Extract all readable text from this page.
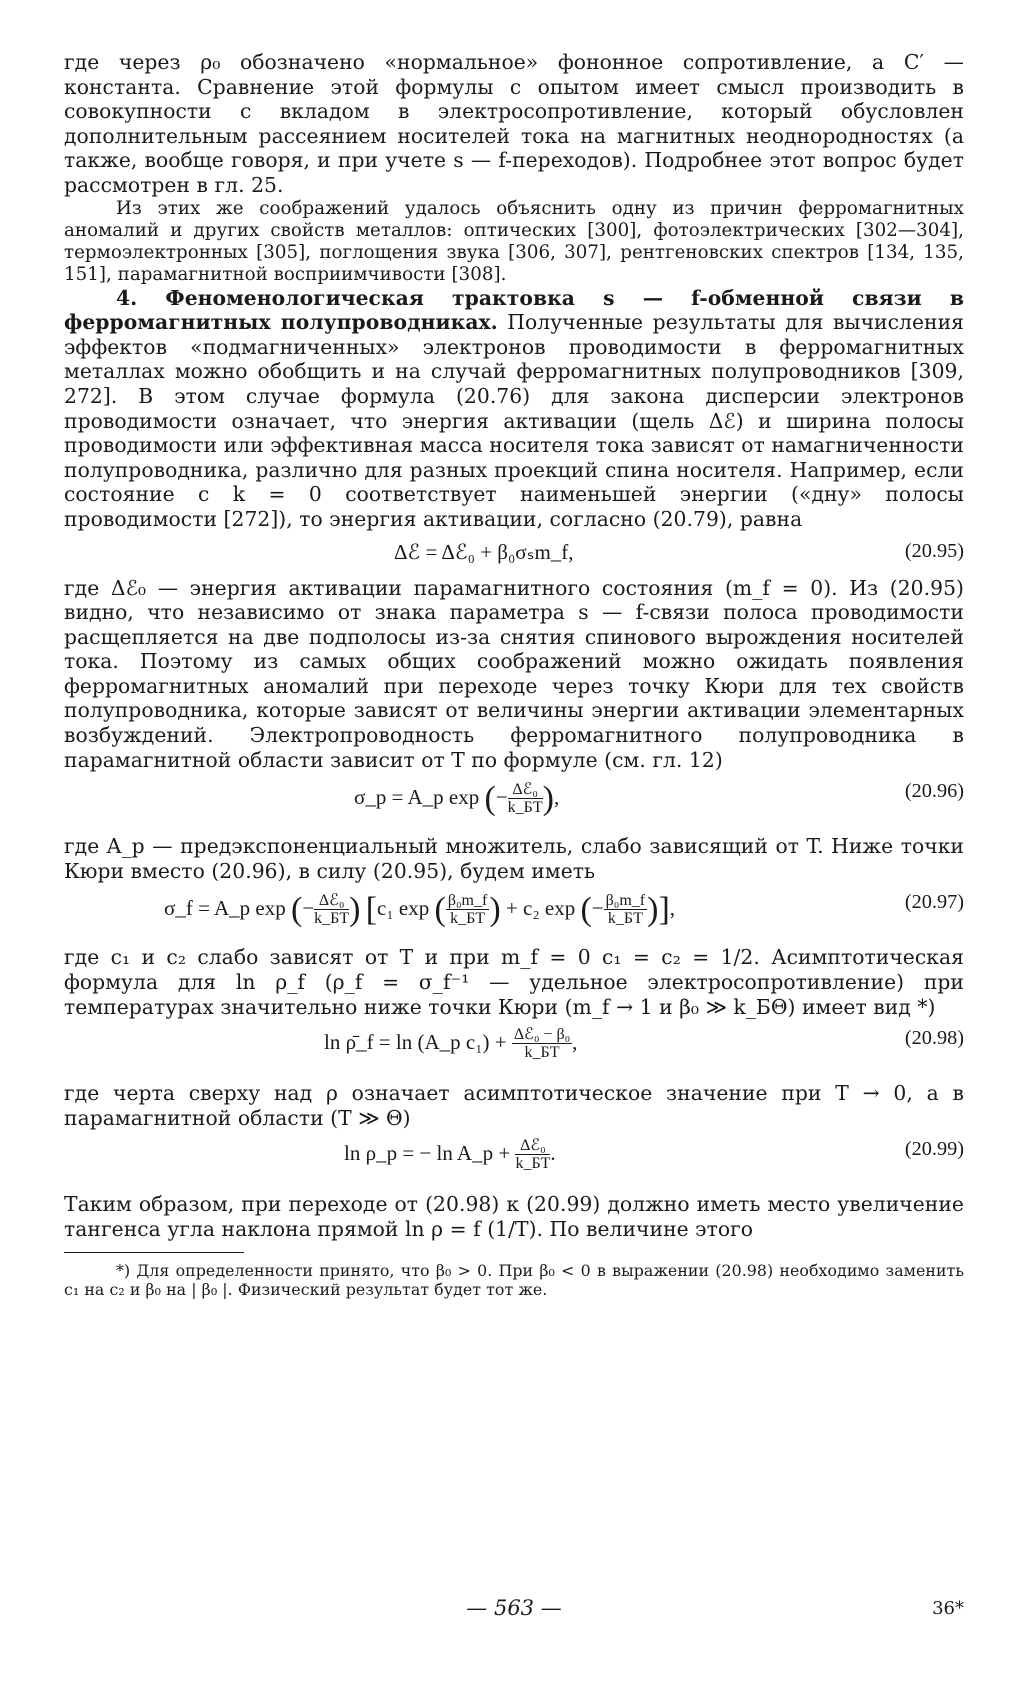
где через ρ₀ обозначено «нормальное» фононное сопротивление, а C′ — константа. Сравнение этой формулы с опытом имеет смысл производить в совокупности с вкладом в электросопротивление, который обусловлен дополнительным рассеянием носителей тока на магнитных неоднородностях (а также, вообще говоря, и при учете s — f-переходов). Подробнее этот вопрос будет рассмотрен в гл. 25.

Из этих же соображений удалось объяснить одну из причин ферромагнитных аномалий и других свойств металлов: оптических [300], фотоэлектрических [302—304], термоэлектронных [305], поглощения звука [306, 307], рентгеновских спектров [134, 135, 151], парамагнитной восприимчивости [308].

4. Феноменологическая трактовка s — f-обменной связи в ферромагнитных полупроводниках. Полученные результаты для вычисления эффектов «подмагниченных» электронов проводимости в ферромагнитных металлах можно обобщить и на случай ферромагнитных полупроводников [309, 272]. В этом случае формула (20.76) для закона дисперсии электронов проводимости означает, что энергия активации (щель Δℰ) и ширина полосы проводимости или эффективная масса носителя тока зависят от намагниченности полупроводника, различно для разных проекций спина носителя. Например, если состояние с k = 0 соответствует наименьшей энергии («дну» полосы проводимости [272]), то энергия активации, согласно (20.79), равна

Δℰ = Δℰ₀ + β₀σₛm_f,	(20.95)

где Δℰ₀ — энергия активации парамагнитного состояния (m_f = 0). Из (20.95) видно, что независимо от знака параметра s — f-связи полоса проводимости расщепляется на две подполосы из-за снятия спинового вырождения носителей тока. Поэтому из самых общих соображений можно ожидать появления ферромагнитных аномалий при переходе через точку Кюри для тех свойств полупроводника, которые зависят от величины энергии активации элементарных возбуждений. Электропроводность ферромагнитного полупроводника в парамагнитной области зависит от T по формуле (см. гл. 12)

σ_p = A_p exp (− $\frac{\text{Δℰ₀}}{k\_БT}$ ),	(20.96)

где A_p — предэкспоненциальный множитель, слабо зависящий от T. Ниже точки Кюри вместо (20.96), в силу (20.95), будем иметь

σ_f = A_p exp (− $\frac{\text{Δℰ₀}}{k\_БT}$ ) [c₁ exp ( $\frac{\text{β₀m\_f}}{k\_БT}$ ) + c₂ exp (− $\frac{\text{β₀m\_f}}{k\_БT}$ )],	(20.97)

где c₁ и c₂ слабо зависят от T и при m_f = 0 c₁ = c₂ = 1/2. Асимптотическая формула для ln ρ_f (ρ_f = σ_f⁻¹ — удельное электросопротивление) при температурах значительно ниже точки Кюри (m_f → 1 и β₀ ≫ k_БΘ) имеет вид *)

ln ρ̄_f = ln (A_p $c_1) + \frac{\text{Δℰ₀ − β₀}}{k\_БT}$ ,	(20.98)

где черта сверху над ρ означает асимптотическое значение при T → 0, а в парамагнитной области (T ≫ Θ)

ln ρ_p = − ln A_p + $\frac{\text{Δℰ₀}}{k\_БT}$ .	(20.99)

Таким образом, при переходе от (20.98) к (20.99) должно иметь место увеличение тангенса угла наклона прямой ln ρ = f (1/T). По величине этого

*) Для определенности принято, что β₀ > 0. При β₀ < 0 в выражении (20.98) необходимо заменить c₁ на c₂ и β₀ на | β₀ |. Физический результат будет тот же.

— 563 —	36*
